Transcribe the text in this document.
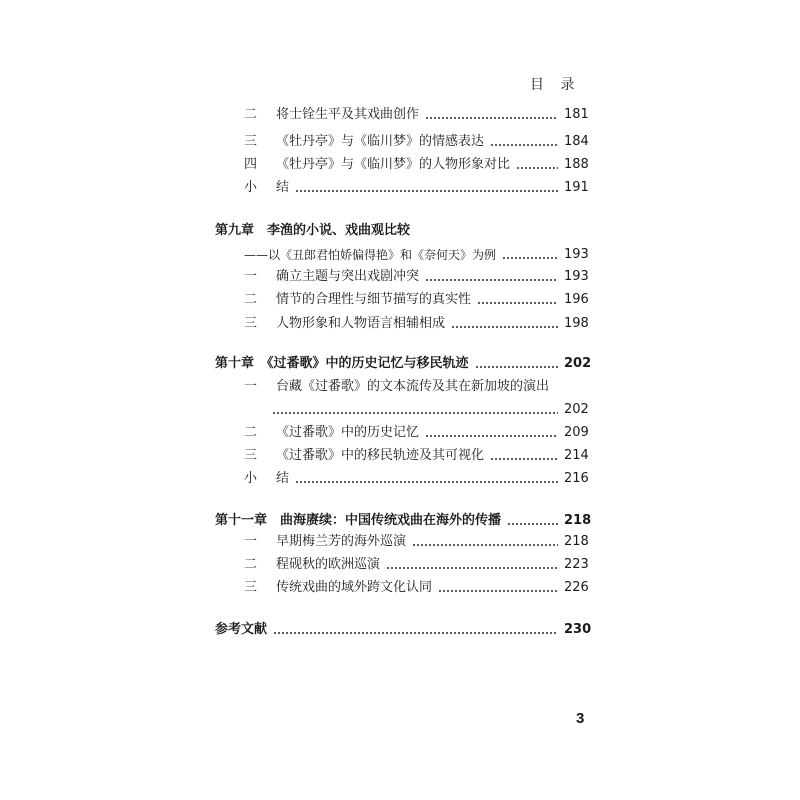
目 录
二	将士铨生平及其戏曲创作	181
三	《牡丹亭》与《临川梦》的情感表达	184
四	《牡丹亭》与《临川梦》的人物形象对比	188
小	结	191
第九章　李渔的小说、戏曲观比较
——以《丑郎君怕娇偏得艳》和《奈何天》为例	193
一	确立主题与突出戏剧冲突	193
二	情节的合理性与细节描写的真实性	196
三	人物形象和人物语言相辅相成	198
第十章　《过番歌》中的历史记忆与移民轨迹	202
一	台藏《过番歌》的文本流传及其在新加坡的演出
202
二	《过番歌》中的历史记忆	209
三	《过番歌》中的移民轨迹及其可视化	214
小	结	216
第十一章　曲海赓续：中国传统戏曲在海外的传播	218
一	早期梅兰芳的海外巡演	218
二	程砚秋的欧洲巡演	223
三	传统戏曲的域外跨文化认同	226
参考文献	230
3
